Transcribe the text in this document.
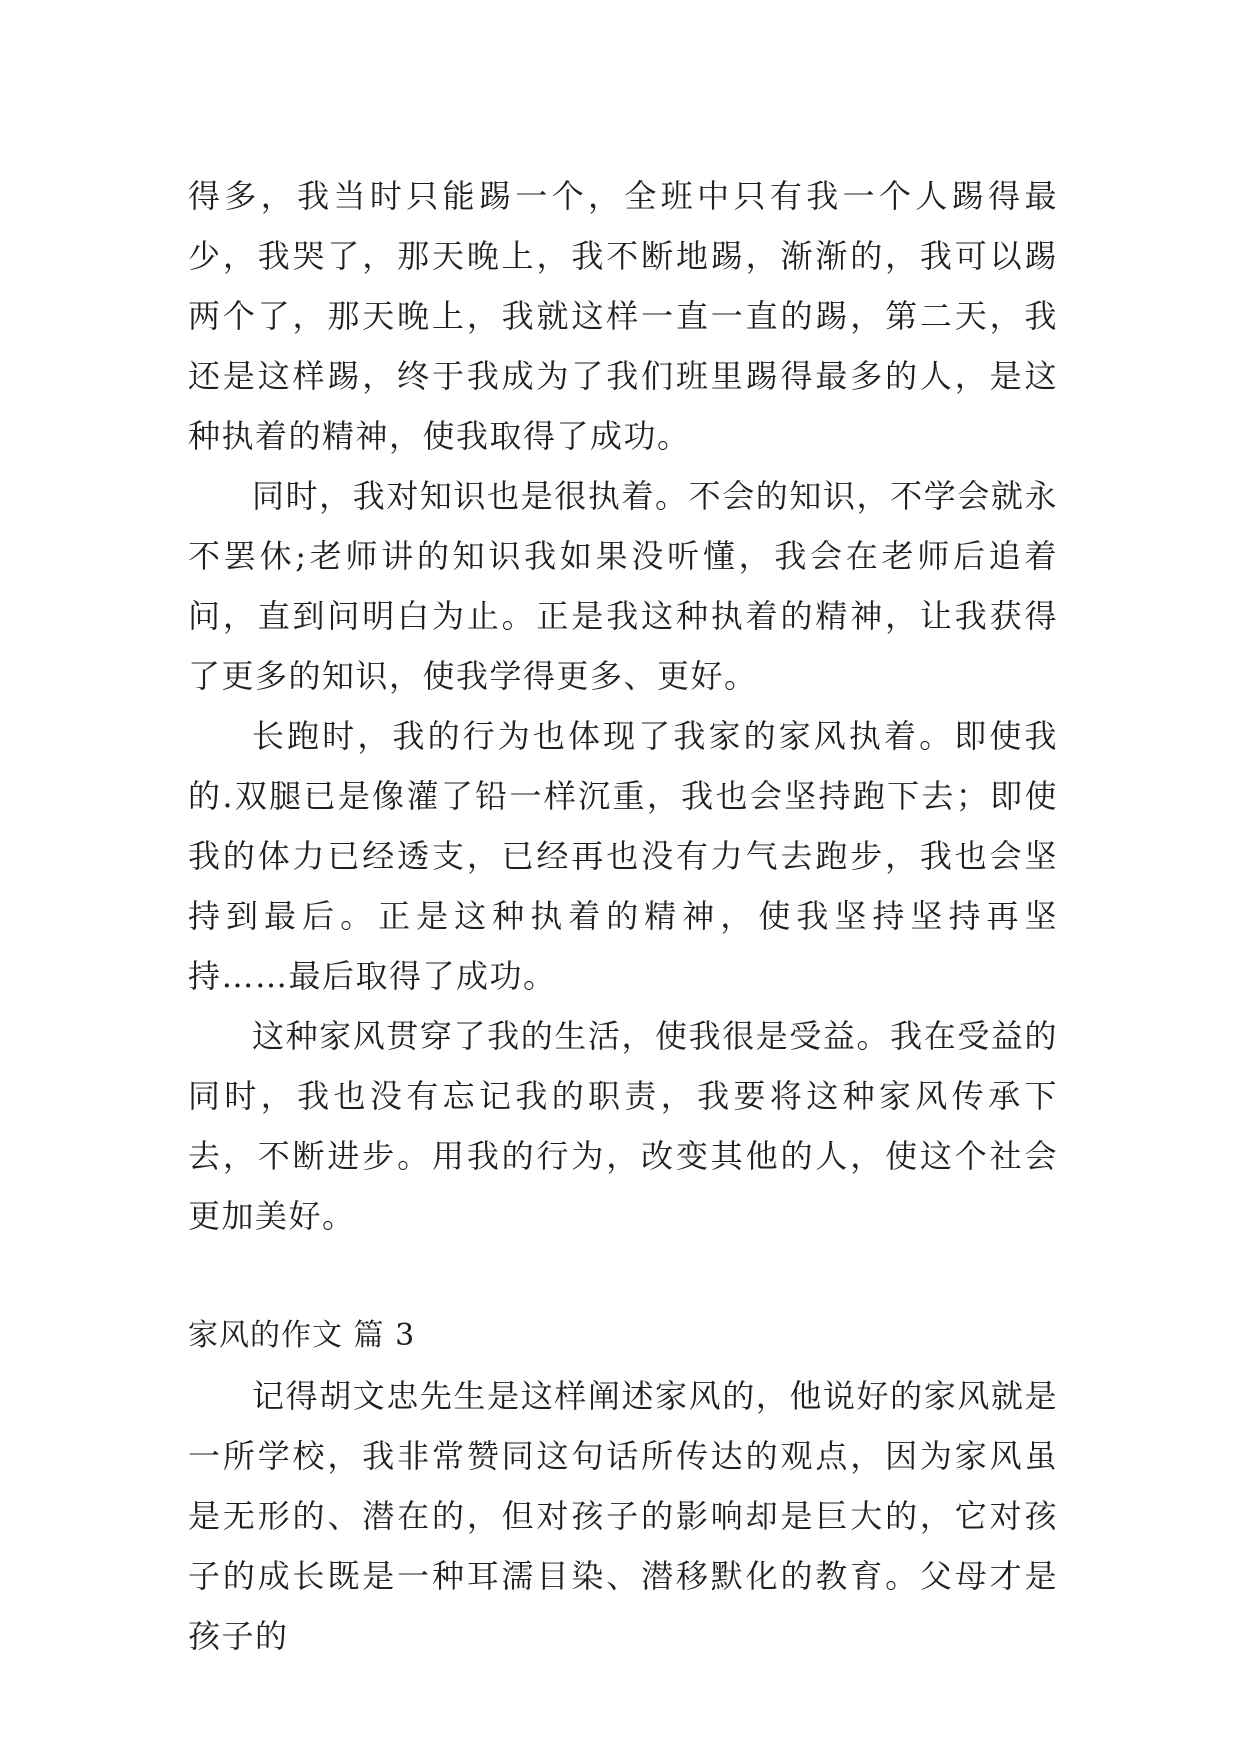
得多，我当时只能踢一个，全班中只有我一个人踢得最少，我哭了，那天晚上，我不断地踢，渐渐的，我可以踢两个了，那天晚上，我就这样一直一直的踢，第二天，我还是这样踢，终于我成为了我们班里踢得最多的人，是这种执着的精神，使我取得了成功。

同时，我对知识也是很执着。不会的知识，不学会就永不罢休;老师讲的知识我如果没听懂，我会在老师后追着问，直到问明白为止。正是我这种执着的精神，让我获得了更多的知识，使我学得更多、更好。

长跑时，我的行为也体现了我家的家风执着。即使我的.双腿已是像灌了铅一样沉重，我也会坚持跑下去；即使我的体力已经透支，已经再也没有力气去跑步，我也会坚持到最后。正是这种执着的精神，使我坚持坚持再坚持……最后取得了成功。

这种家风贯穿了我的生活，使我很是受益。我在受益的同时，我也没有忘记我的职责，我要将这种家风传承下去，不断进步。用我的行为，改变其他的人，使这个社会更加美好。

家风的作文 篇 3

记得胡文忠先生是这样阐述家风的，他说好的家风就是一所学校，我非常赞同这句话所传达的观点，因为家风虽是无形的、潜在的，但对孩子的影响却是巨大的，它对孩子的成长既是一种耳濡目染、潜移默化的教育。父母才是孩子的
